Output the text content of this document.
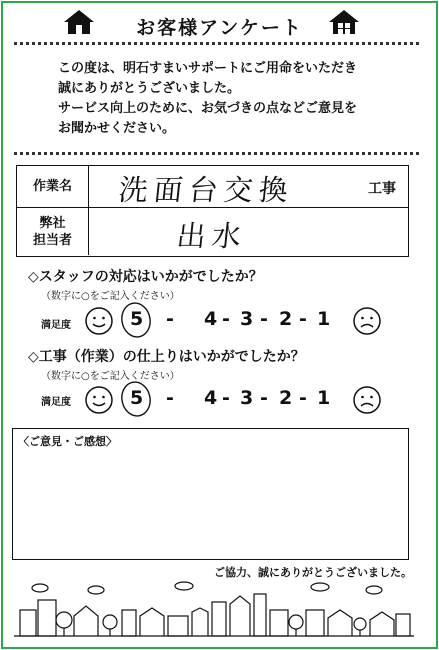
お客様アンケート
この度は、明石すまいサポートにご用命をいただき
誠にありがとうございました。
サービス向上のために、お気づきの点などご意見を
お聞かせください。
作業名	洗面台交換	工事
弊社
担当者	出水
◇スタッフの対応はいかがでしたか？
（数字に○をご記入ください）
満足度	5	4 3 2 1
-	- - -
◇工事（作業）の仕上りはいかがでしたか？
（数字に○をご記入ください）
満足度	5	4 3 2 1
-	- - -
〈ご意見・ご感想〉
ご協力、誠にありがとうございました。
